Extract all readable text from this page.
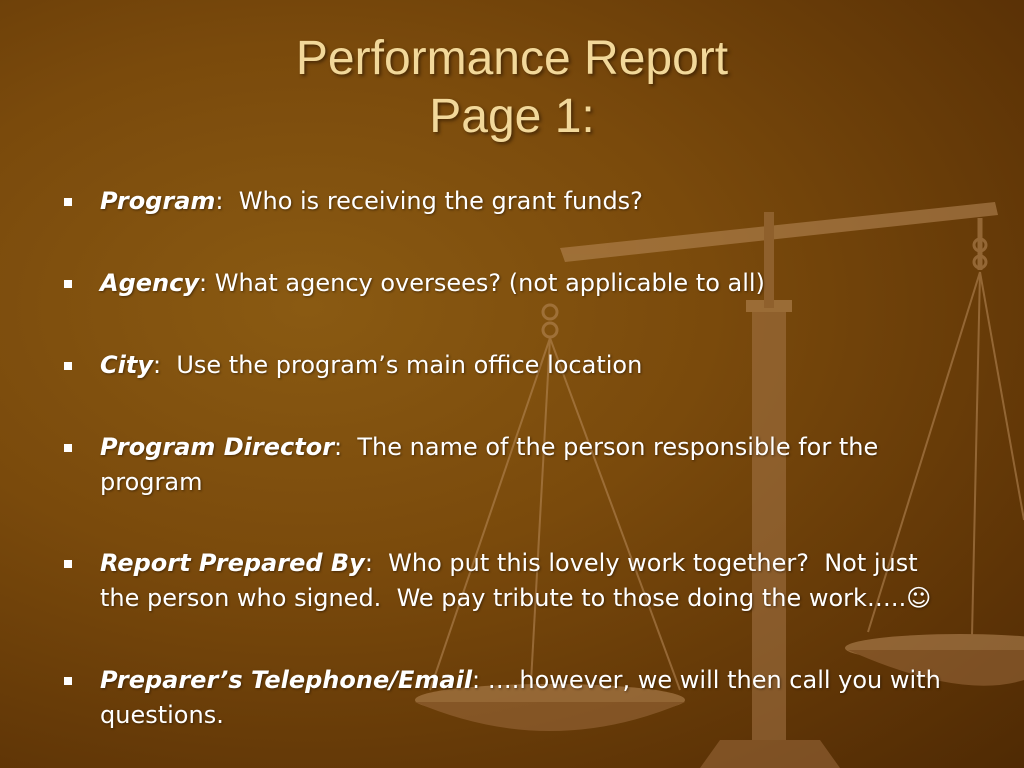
Performance Report
Page 1:
Program:  Who is receiving the grant funds?
Agency: What agency oversees? (not applicable to all)
City:  Use the program’s main office location
Program Director:  The name of the person responsible for the program
Report Prepared By:  Who put this lovely work together?  Not just the person who signed.  We pay tribute to those doing the work…..☺
Preparer’s Telephone/Email: ….however, we will then call you with questions.
